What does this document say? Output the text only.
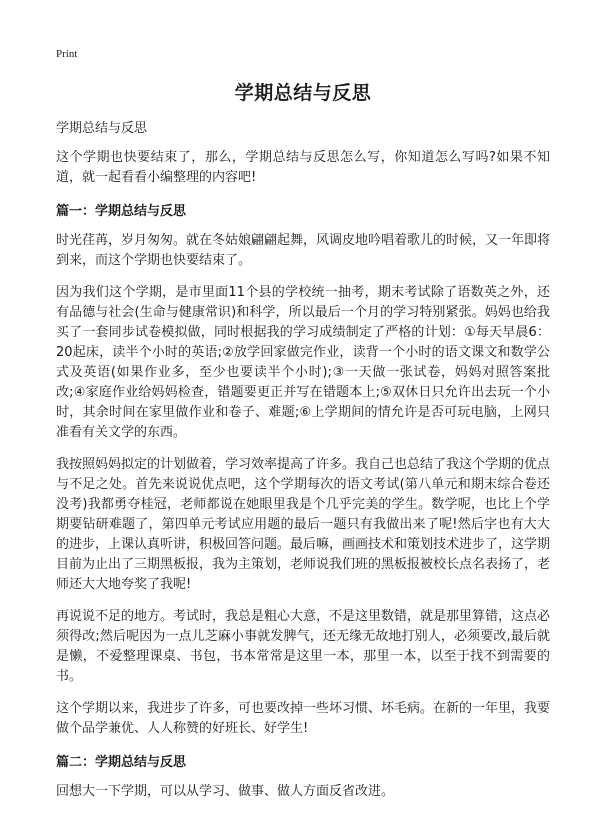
Print
学期总结与反思
学期总结与反思

这个学期也快要结束了，那么，学期总结与反思怎么写，你知道怎么写吗?如果不知道，就一起看看小编整理的内容吧!

篇一：学期总结与反思

时光荏苒，岁月匆匆。就在冬姑娘翩翩起舞，风调皮地吟唱着歌儿的时候，又一年即将到来，而这个学期也快要结束了。

因为我们这个学期，是市里面11个县的学校统一抽考，期末考试除了语数英之外，还有品德与社会(生命与健康常识)和科学，所以最后一个月的学习特别紧张。妈妈也给我买了一套同步试卷模拟做，同时根据我的学习成绩制定了严格的计划：①每天早晨6：20起床，读半个小时的英语;②放学回家做完作业，读背一个小时的语文课文和数学公式及英语(如果作业多，至少也要读半个小时);③一天做一张试卷，妈妈对照答案批改;④家庭作业给妈妈检查，错题要更正并写在错题本上;⑤双休日只允许出去玩一个小时，其余时间在家里做作业和卷子、难题;⑥上学期间的情允许是否可玩电脑，上网只准看有关文学的东西。

我按照妈妈拟定的计划做着，学习效率提高了许多。我自己也总结了我这个学期的优点与不足之处。首先来说说优点吧，这个学期每次的语文考试(第八单元和期末综合卷还没考)我都勇夺桂冠，老师都说在她眼里我是个几乎完美的学生。数学呢，也比上个学期要钻研难题了，第四单元考试应用题的最后一题只有我做出来了呢!然后字也有大大的进步，上课认真听讲，积极回答问题。最后嘛，画画技术和策划技术进步了，这学期目前为止出了三期黑板报，我为主策划，老师说我们班的黑板报被校长点名表扬了，老师还大大地夸奖了我呢!

再说说不足的地方。考试时，我总是粗心大意，不是这里数错，就是那里算错，这点必须得改;然后呢因为一点儿芝麻小事就发脾气，还无缘无故地打别人，必须要改,最后就是懒，不爱整理课桌、书包，书本常常是这里一本，那里一本，以至于找不到需要的书。

这个学期以来，我进步了许多，可也要改掉一些坏习惯、坏毛病。在新的一年里，我要做个品学兼优、人人称赞的好班长、好学生!

篇二：学期总结与反思

回想大一下学期，可以从学习、做事、做人方面反省改进。
